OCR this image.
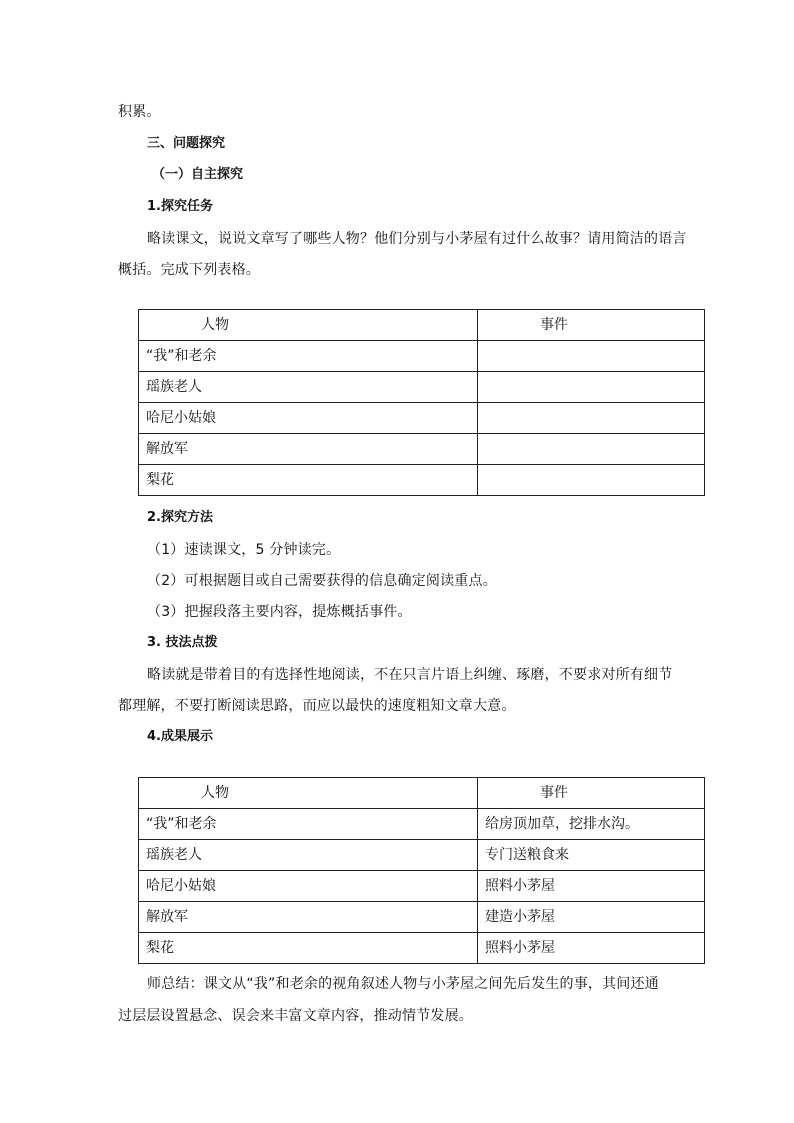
积累。
三、问题探究
（一）自主探究
1.探究任务
略读课文，说说文章写了哪些人物？他们分别与小茅屋有过什么故事？请用简洁的语言
概括。完成下列表格。
人物	事件
“我”和老余	
瑶族老人	
哈尼小姑娘	
解放军	
梨花	
2.探究方法
（1）速读课文，5 分钟读完。
（2）可根据题目或自己需要获得的信息确定阅读重点。
（3）把握段落主要内容，提炼概括事件。
3. 技法点拨
略读就是带着目的有选择性地阅读，不在只言片语上纠缠、琢磨，不要求对所有细节
都理解，不要打断阅读思路，而应以最快的速度粗知文章大意。
4.成果展示
人物	事件
“我”和老余	给房顶加草，挖排水沟。
瑶族老人	专门送粮食来
哈尼小姑娘	照料小茅屋
解放军	建造小茅屋
梨花	照料小茅屋
师总结：课文从“我”和老余的视角叙述人物与小茅屋之间先后发生的事，其间还通
过层层设置悬念、误会来丰富文章内容，推动情节发展。
